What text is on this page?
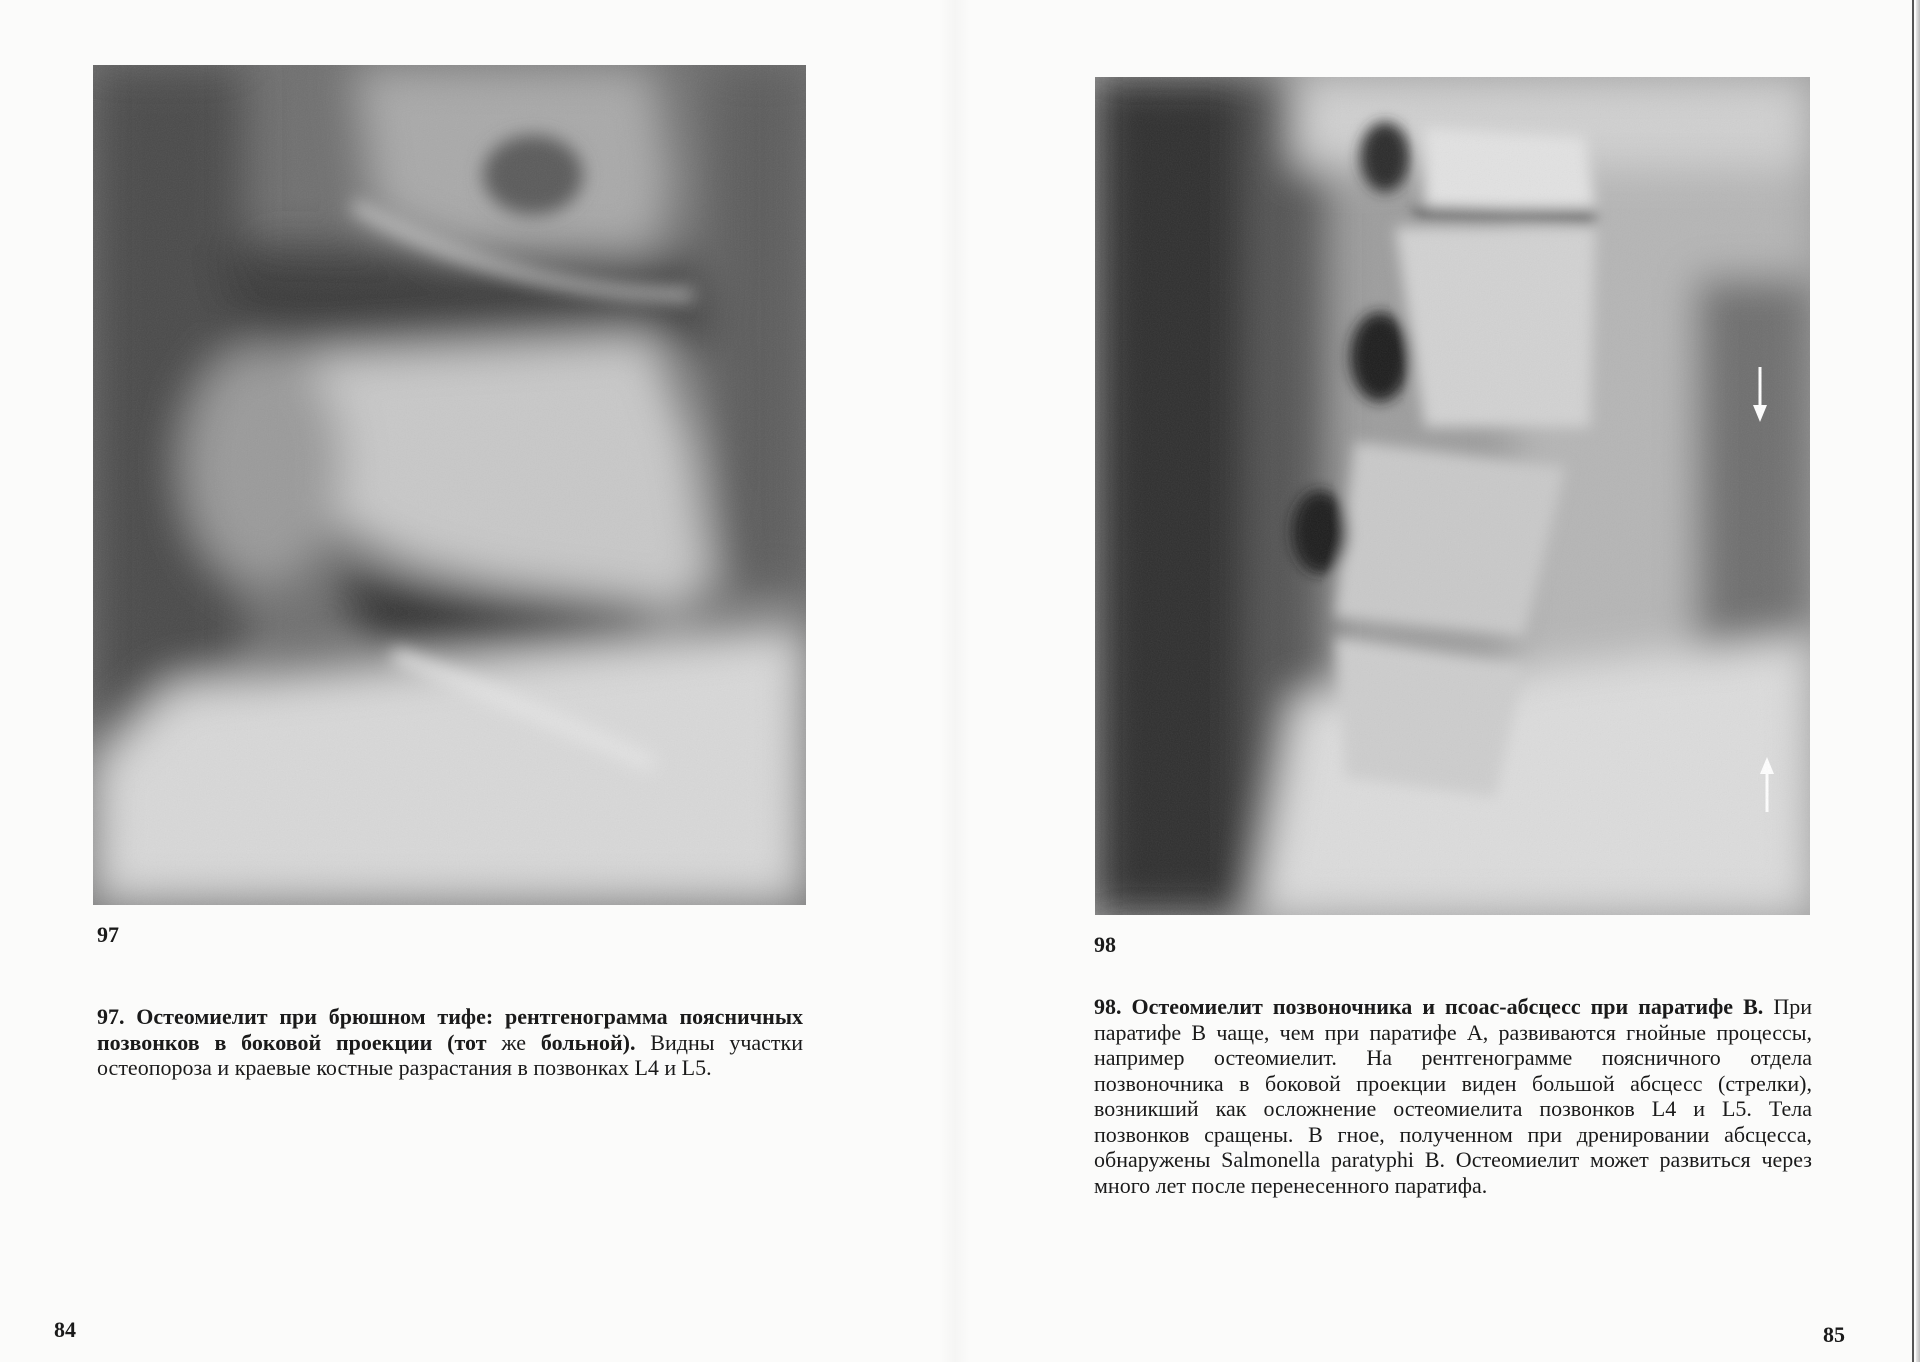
97
97. Остеомиелит при брюшном тифе: рентгенограмма поясничных позвонков в боковой проекции (тот же больной). Видны участки остеопороза и краевые костные разрастания в позвонках L4 и L5.
84
98
98. Остеомиелит позвоночника и псоас-абсцесс при паратифе В. При паратифе В чаще, чем при паратифе А, развиваются гнойные процессы, например остеомиелит. На рентгенограмме поясничного отдела позвоночника в боковой проекции виден большой абсцесс (стрелки), возникший как осложнение остеомиелита позвонков L4 и L5. Тела позвонков сращены. В гное, полученном при дренировании абсцесса, обнаружены Salmonella paratyphi В. Остеомиелит может развиться через много лет после перенесенного паратифа.
85
